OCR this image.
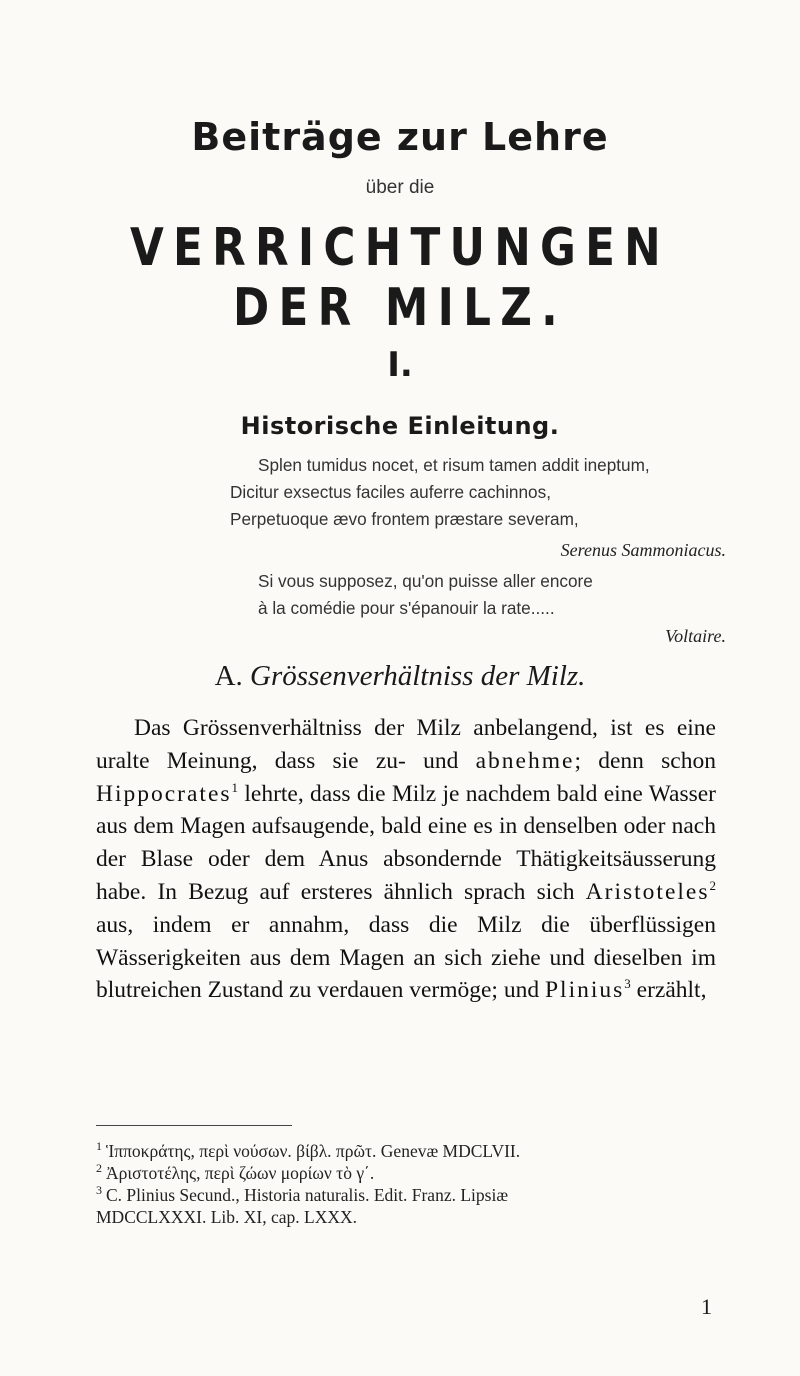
Beiträge zur Lehre
über die
VERRICHTUNGEN DER MILZ.
I.
Historische Einleitung.
Splen tumidus nocet, et risum tamen addit ineptum,
Dicitur exsectus faciles auferre cachinnos,
Perpetuoque ævo frontem præstare severam,
Serenus Sammoniacus.
Si vous supposez, qu'on puisse aller encore
à la comédie pour s'épanouir la rate.....
Voltaire.
A. Grössenverhältniss der Milz.

Das Grössenverhältniss der Milz anbelangend, ist es eine uralte Meinung, dass sie zu- und abnehme; denn schon Hippocrates$^1$ lehrte, dass die Milz je nachdem bald eine Wasser aus dem Magen aufsaugende, bald eine es in denselben oder nach der Blase oder dem Anus absondernde Thätigkeitsäusserung habe. In Bezug auf ersteres ähnlich sprach sich Aristoteles$^2$ aus, indem er annahm, dass die Milz die überflüssigen Wässerigkeiten aus dem Magen an sich ziehe und dieselben im blutreichen Zustand zu verdauen vermöge; und Plinius$^3$ erzählt,

$^1$ Ἱπποκράτης, περὶ νούσων. βίβλ. πρῶτ. Genevæ MDCLVII.
$^2$ Ἀριστοτέλης, περὶ ζώων μορίων τὸ γ΄.
$^3$ C. Plinius Secund., Historia naturalis. Edit. Franz. Lipsiæ
MDCCLXXXI. Lib. XI, cap. LXXX.
1
